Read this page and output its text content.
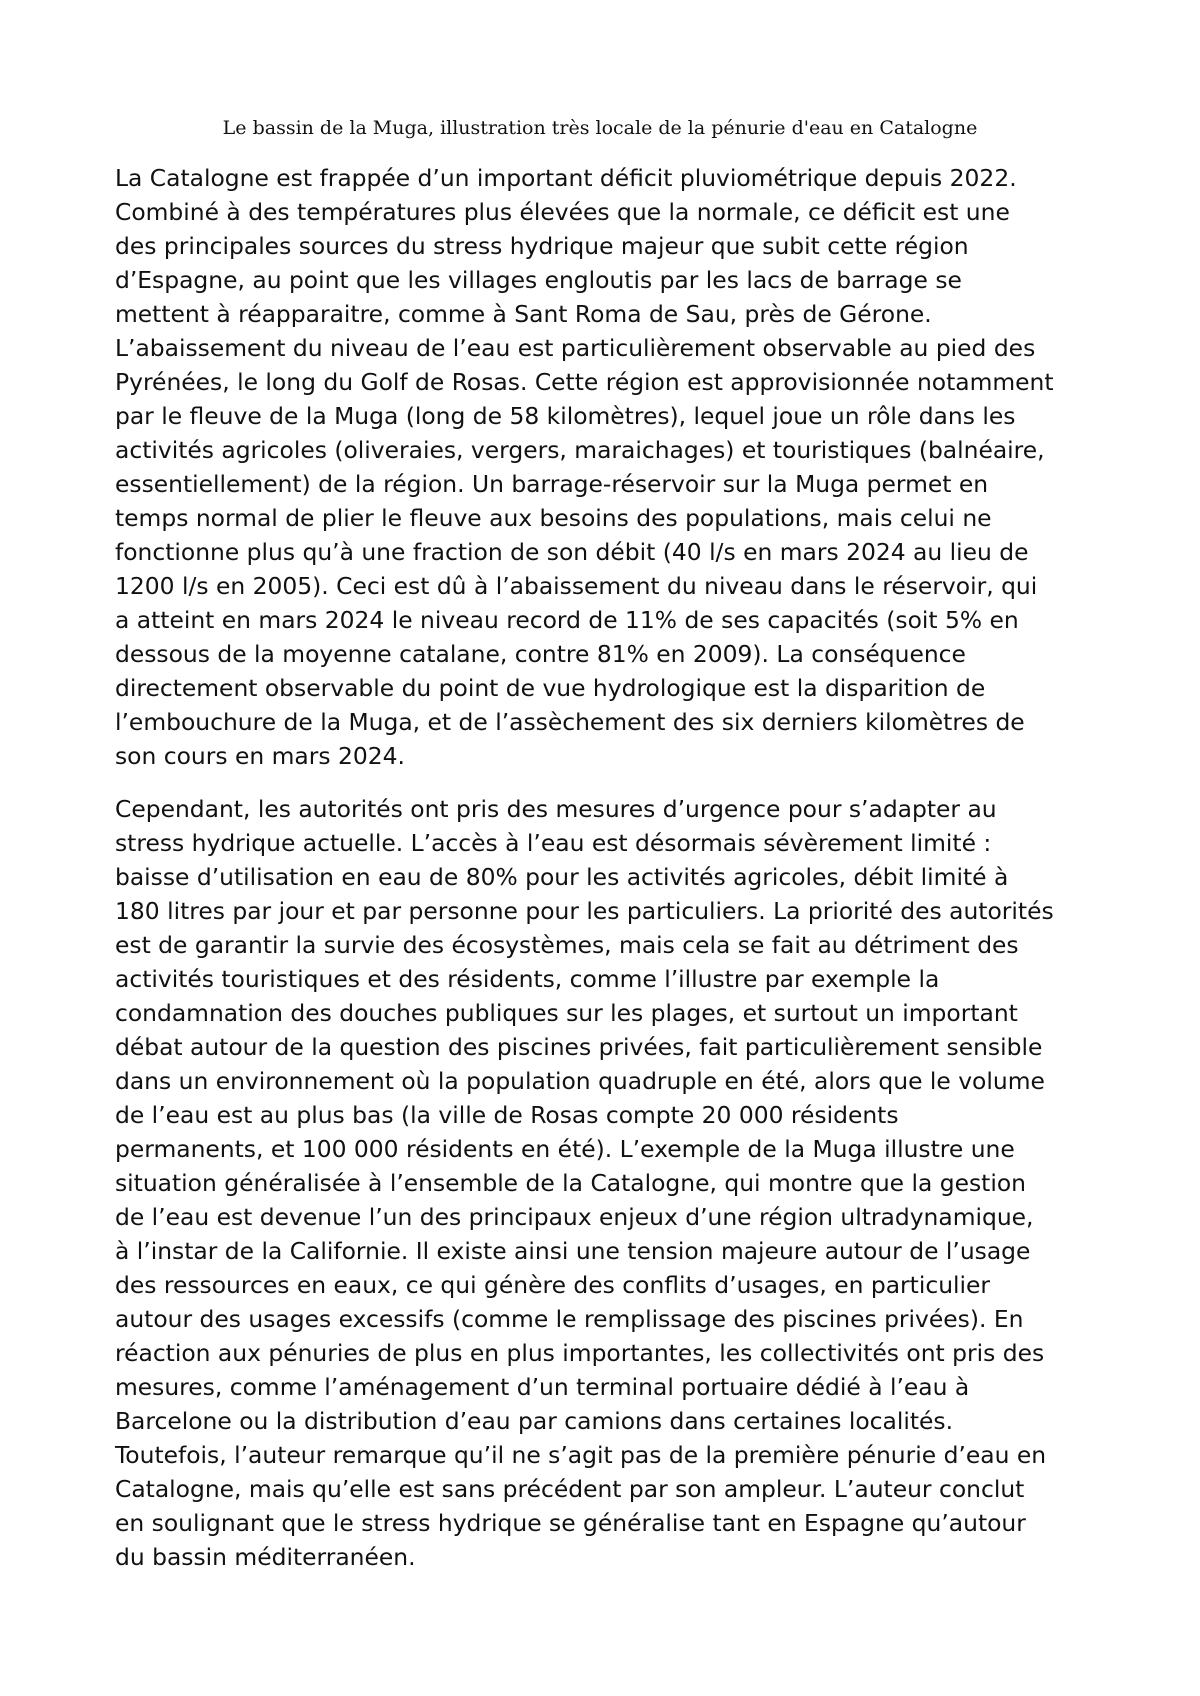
Le bassin de la Muga, illustration très locale de la pénurie d'eau en Catalogne
La Catalogne est frappée d’un important déficit pluviométrique depuis 2022.
Combiné à des températures plus élevées que la normale, ce déficit est une
des principales sources du stress hydrique majeur que subit cette région
d’Espagne, au point que les villages engloutis par les lacs de barrage se
mettent à réapparaitre, comme à Sant Roma de Sau, près de Gérone.
L’abaissement du niveau de l’eau est particulièrement observable au pied des
Pyrénées, le long du Golf de Rosas. Cette région est approvisionnée notamment
par le fleuve de la Muga (long de 58 kilomètres), lequel joue un rôle dans les
activités agricoles (oliveraies, vergers, maraichages) et touristiques (balnéaire,
essentiellement) de la région. Un barrage-réservoir sur la Muga permet en
temps normal de plier le fleuve aux besoins des populations, mais celui ne
fonctionne plus qu’à une fraction de son débit (40 l/s en mars 2024 au lieu de
1200 l/s en 2005). Ceci est dû à l’abaissement du niveau dans le réservoir, qui
a atteint en mars 2024 le niveau record de 11% de ses capacités (soit 5% en
dessous de la moyenne catalane, contre 81% en 2009). La conséquence
directement observable du point de vue hydrologique est la disparition de
l’embouchure de la Muga, et de l’assèchement des six derniers kilomètres de
son cours en mars 2024.
Cependant, les autorités ont pris des mesures d’urgence pour s’adapter au
stress hydrique actuelle. L’accès à l’eau est désormais sévèrement limité :
baisse d’utilisation en eau de 80% pour les activités agricoles, débit limité à
180 litres par jour et par personne pour les particuliers. La priorité des autorités
est de garantir la survie des écosystèmes, mais cela se fait au détriment des
activités touristiques et des résidents, comme l’illustre par exemple la
condamnation des douches publiques sur les plages, et surtout un important
débat autour de la question des piscines privées, fait particulièrement sensible
dans un environnement où la population quadruple en été, alors que le volume
de l’eau est au plus bas (la ville de Rosas compte 20 000 résidents
permanents, et 100 000 résidents en été). L’exemple de la Muga illustre une
situation généralisée à l’ensemble de la Catalogne, qui montre que la gestion
de l’eau est devenue l’un des principaux enjeux d’une région ultradynamique,
à l’instar de la Californie. Il existe ainsi une tension majeure autour de l’usage
des ressources en eaux, ce qui génère des conflits d’usages, en particulier
autour des usages excessifs (comme le remplissage des piscines privées). En
réaction aux pénuries de plus en plus importantes, les collectivités ont pris des
mesures, comme l’aménagement d’un terminal portuaire dédié à l’eau à
Barcelone ou la distribution d’eau par camions dans certaines localités.
Toutefois, l’auteur remarque qu’il ne s’agit pas de la première pénurie d’eau en
Catalogne, mais qu’elle est sans précédent par son ampleur. L’auteur conclut
en soulignant que le stress hydrique se généralise tant en Espagne qu’autour
du bassin méditerranéen.
